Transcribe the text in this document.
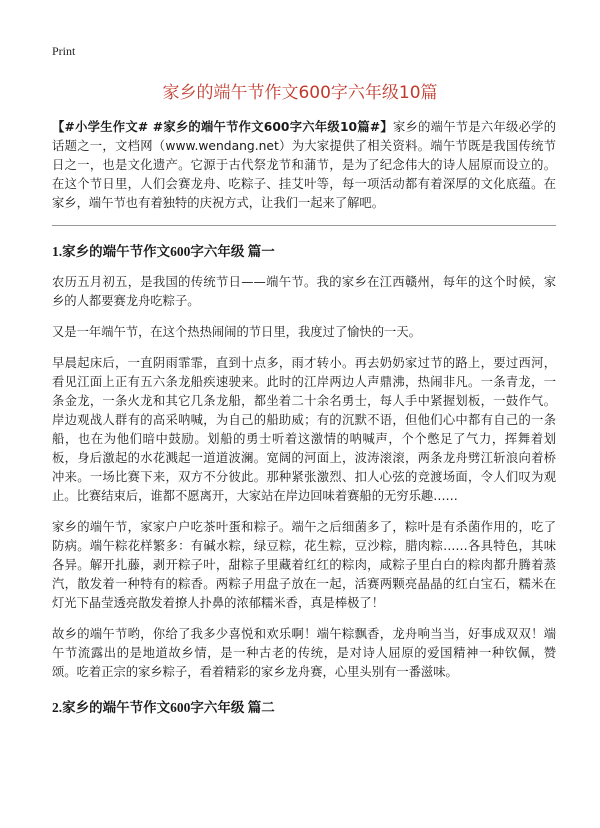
Print
家乡的端午节作文600字六年级10篇

【#小学生作文# #家乡的端午节作文600字六年级10篇#】家乡的端午节是六年级必学的话题之一，文档网（www.wendang.net）为大家提供了相关资料。端午节既是我国传统节日之一，也是文化遗产。它源于古代祭龙节和蒲节，是为了纪念伟大的诗人屈原而设立的。在这个节日里，人们会赛龙舟、吃粽子、挂艾叶等，每一项活动都有着深厚的文化底蕴。在家乡，端午节也有着独特的庆祝方式，让我们一起来了解吧。

1.家乡的端午节作文600字六年级 篇一

农历五月初五，是我国的传统节日——端午节。我的家乡在江西赣州，每年的这个时候，家乡的人都要赛龙舟吃粽子。

又是一年端午节，在这个热热闹闹的节日里，我度过了愉快的一天。

早晨起床后，一直阴雨霏霏，直到十点多，雨才转小。再去奶奶家过节的路上，要过西河，看见江面上正有五六条龙船疾速驶来。此时的江岸两边人声鼎沸，热闹非凡。一条青龙，一条金龙，一条火龙和其它几条龙船，都坐着二十余名勇士，每人手中紧握划板，一鼓作气。岸边观战人群有的高采呐喊，为自己的船助威；有的沉默不语，但他们心中都有自己的一条船，也在为他们暗中鼓励。划船的勇士听着这激情的呐喊声，个个憋足了气力，挥舞着划板，身后激起的水花溅起一道道波澜。宽阔的河面上，波涛滚滚，两条龙舟劈江斩浪向着桥冲来。一场比赛下来，双方不分彼此。那种紧张激烈、扣人心弦的竞渡场面，令人们叹为观止。比赛结束后，谁都不愿离开，大家站在岸边回味着赛船的无穷乐趣……

家乡的端午节，家家户户吃茶叶蛋和粽子。端午之后细菌多了，粽叶是有杀菌作用的，吃了防病。端午粽花样繁多：有碱水粽，绿豆粽，花生粽，豆沙粽，腊肉粽……各具特色，其味各异。解开扎藤，剥开粽子叶，甜粽子里藏着红红的粽肉，咸粽子里白白的粽肉都升腾着蒸汽，散发着一种特有的粽香。两粽子用盘子放在一起，活赛两颗亮晶晶的红白宝石，糯米在灯光下晶莹透亮散发着撩人扑鼻的浓郁糯米香，真是棒极了！

故乡的端午节哟，你给了我多少喜悦和欢乐啊！端午粽飘香，龙舟响当当，好事成双双！端午节流露出的是地道故乡情，是一种古老的传统，是对诗人屈原的爱国精神一种钦佩，赞颂。吃着正宗的家乡粽子，看着精彩的家乡龙舟赛，心里头别有一番滋味。

2.家乡的端午节作文600字六年级 篇二
